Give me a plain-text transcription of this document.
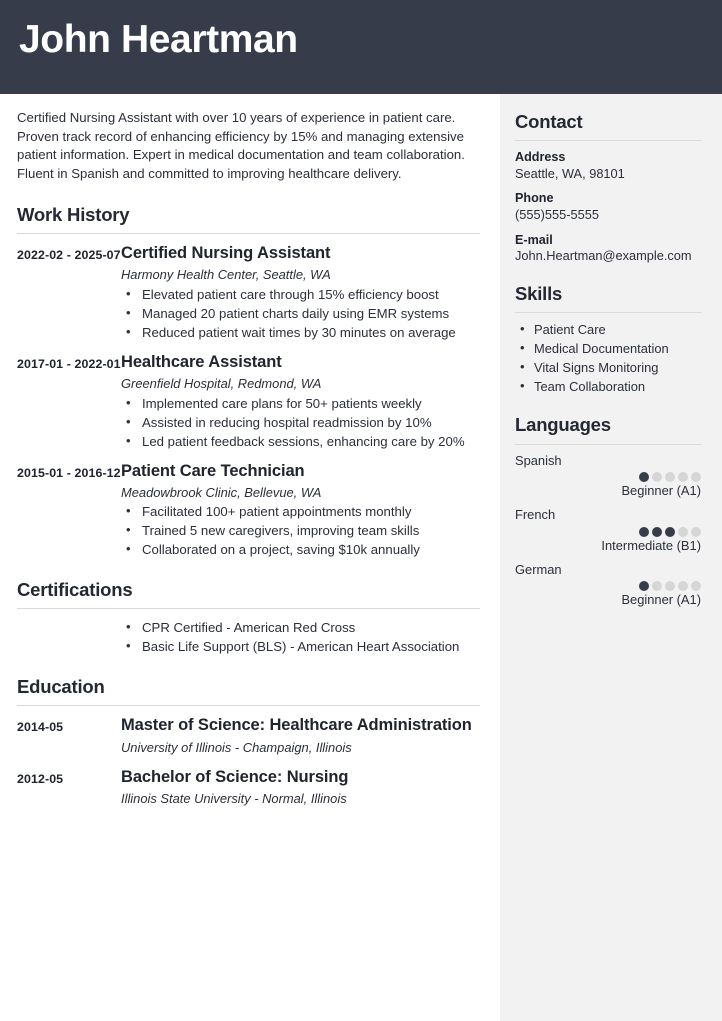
John Heartman
Certified Nursing Assistant with over 10 years of experience in patient care. Proven track record of enhancing efficiency by 15% and managing extensive patient information. Expert in medical documentation and team collaboration. Fluent in Spanish and committed to improving healthcare delivery.
Work History
2022-02 - 2025-07 Certified Nursing Assistant
Harmony Health Center, Seattle, WA
• Elevated patient care through 15% efficiency boost
• Managed 20 patient charts daily using EMR systems
• Reduced patient wait times by 30 minutes on average
2017-01 - 2022-01 Healthcare Assistant
Greenfield Hospital, Redmond, WA
• Implemented care plans for 50+ patients weekly
• Assisted in reducing hospital readmission by 10%
• Led patient feedback sessions, enhancing care by 20%
2015-01 - 2016-12 Patient Care Technician
Meadowbrook Clinic, Bellevue, WA
• Facilitated 100+ patient appointments monthly
• Trained 5 new caregivers, improving team skills
• Collaborated on a project, saving $10k annually
Certifications
• CPR Certified - American Red Cross
• Basic Life Support (BLS) - American Heart Association
Education
2014-05	Master of Science: Healthcare Administration
University of Illinois - Champaign, Illinois
2012-05	Bachelor of Science: Nursing
Illinois State University - Normal, Illinois
Contact
Address
Seattle, WA, 98101
Phone
(555)555-5555
E-mail
John.Heartman@example.com
Skills
• Patient Care
• Medical Documentation
• Vital Signs Monitoring
• Team Collaboration
Languages
Spanish
Beginner (A1)
French
Intermediate (B1)
German
Beginner (A1)
